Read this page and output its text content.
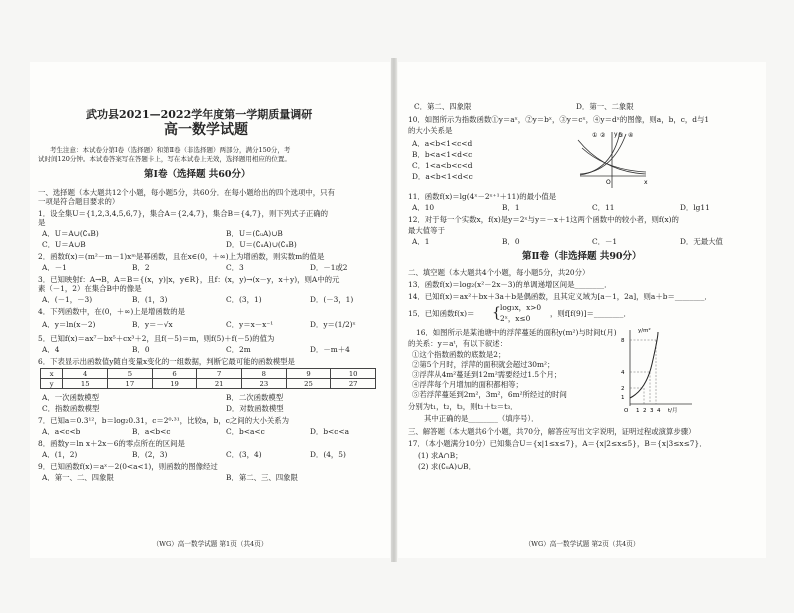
武功县2021—2022学年度第一学期质量调研
高一数学试题
考生注意：本试卷分第Ⅰ卷（选择题）和第Ⅱ卷（非选择题）两部分，满分150分，考
试时间120分钟。本试卷答案写在答题卡上，写在本试卷上无效，选择题用相应的位置。
第Ⅰ卷（选择题 共60分）
一、选择题（本大题共12个小题，每小题5分，共60分．在每小题给出的四个选项中，只有
一项是符合题目要求的）
1．设全集U＝{1,2,3,4,5,6,7}，集合A＝{2,4,7}，集合B＝{4,7}，则下列式子正确的
是
A．U＝A∪(∁ᵤB)	B．U＝(∁ᵤA)∪B
C．U＝A∪B	D．U＝(∁ᵤA)∪(∁ᵤB)
2．函数f(x)＝(m²－m－1)xᵐ是幂函数，且在x∈(0，＋∞)上为增函数，则实数m的值是
A．－1	B．2	C．3	D．－1或2
3．已知映射f：A→B，A＝B＝{(x，y)|x，y∈R}，且f：(x，y)→(x－y，x＋y)，则A中的元
素（－1，2）在集合B中的像是
A．(－1，－3)	B．(1，3)	C．(3，1)	D．(－3，1)
4．下列函数中，在(0，＋∞)上是增函数的是
A．y＝ln(x－2)	B．y＝－√x	C．y＝x－x⁻¹	D．y＝(1/2)ˣ
5．已知f(x)＝ax⁷－bx⁵＋cx³＋2，且f(－5)＝m，则f(5)＋f(－5)的值为
A．4	B．0	C．2m	D．－m＋4
6．下表显示出函数值y随自变量x变化的一组数据，判断它最可能的函数模型是
x	4	5	6	7	8	9	10
y	15	17	19	21	23	25	27
A．一次函数模型	B．二次函数模型
C．指数函数模型	D．对数函数模型
7．已知a＝0.3¹²，b＝log₂0.31，c＝2⁰·³¹，比较a，b，c之间的大小关系为
A．a<c<b	B．a<b<c	C．b<a<c	D．b<c<a
8．函数y＝ln x＋2x－6的零点所在的区间是
A．(1，2)	B．(2，3)	C．(3，4)	D．(4，5)
9．已知函数f(x)＝aˣ－2(0<a<1)，则函数的图像经过
A．第一、二、四象限	B．第二、三、四象限
（WG）高一数学试题 第1页（共4页）
C．第二、四象限	D．第一、二象限
10．如图所示为指数函数①y＝aˣ，②y＝bˣ，③y＝cˣ，④y＝dˣ的图像，则a，b，c，d与1
的大小关系是
A．a<b<1<c<d
B．b<a<1<d<c
C．1<a<b<c<d
D．a<b<1<d<c
① ② ③ ④
O	x
y
11．函数f(x)＝lg(4ˣ－2ˣ⁺¹＋11)的最小值是
A．10	B．1	C．11	D．lg11
12．对于每一个实数x，f(x)是y＝2ˣ与y＝－x＋1这两个函数中的较小者，则f(x)的
最大值等于
A．1	B．0	C．－1	D．无最大值
第Ⅱ卷（非选择题 共90分）
二、填空题（本大题共4个小题，每小题5分，共20分）
13．函数f(x)＝log₂(x²－2x－3)的单调递增区间是________．
14．已知f(x)＝ax²＋bx＋3a＋b是偶函数，且其定义域为[a－1，2a]，则a＋b＝________．
15．已知函数f(x)＝ { log₃x，x>0
2ˣ，x≤0
，则f[f(9)]＝________．
16．如图所示是某池塘中的浮萍蔓延的面积y(m²)与时间t(月)
的关系：y＝aᵗ，有以下叙述：
①这个指数函数的底数是2；
②第5个月时，浮萍的面积就会超过30m²；
③浮萍从4m²蔓延到12m²需要经过1.5个月；
④浮萍每个月增加的面积都相等；
⑤若浮萍蔓延到2m²，3m²，6m²所经过的时间
分别为t₁，t₂，t₃，则t₁＋t₂＝t₃．
其中正确的是________（填序号）．
y/m²
8
4
2
1
O 1 2 3 4 t/月
三、解答题（本大题共6个小题，共70分，解答应写出文字说明，证明过程或演算步骤）
17．（本小题满分10分）已知集合U＝{x|1≤x≤7}，A＝{x|2≤x≤5}，B＝{x|3≤x≤7}．
(1) 求A∩B；
(2) 求(∁ᵤA)∪B．
（WG）高一数学试题 第2页（共4页）
